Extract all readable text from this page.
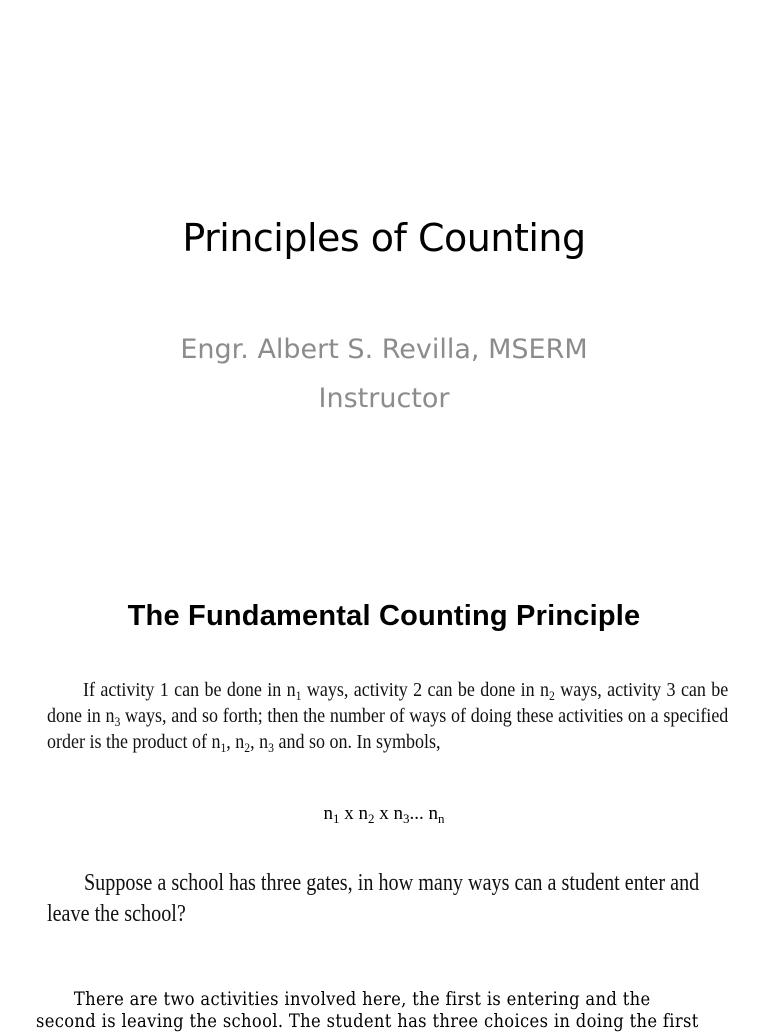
Principles of Counting
Engr. Albert S. Revilla, MSERM
Instructor
The Fundamental Counting Principle
If activity 1 can be done in $n_1$ ways, activity 2 can be done in $n_2$ ways, activity 3 can be done in $n_3$ ways, and so forth; then the number of ways of doing these activities on a specified order is the product of $n_1$, $n_2$, $n_3$ and so on. In symbols,
$n_1$ x $n_2$ x $n_3$... $n_n$
Suppose a school has three gates, in how many ways can a student enter and leave the school?
There are two activities involved here, the first is entering and the
second is leaving the school. The student has three choices in doing the first
